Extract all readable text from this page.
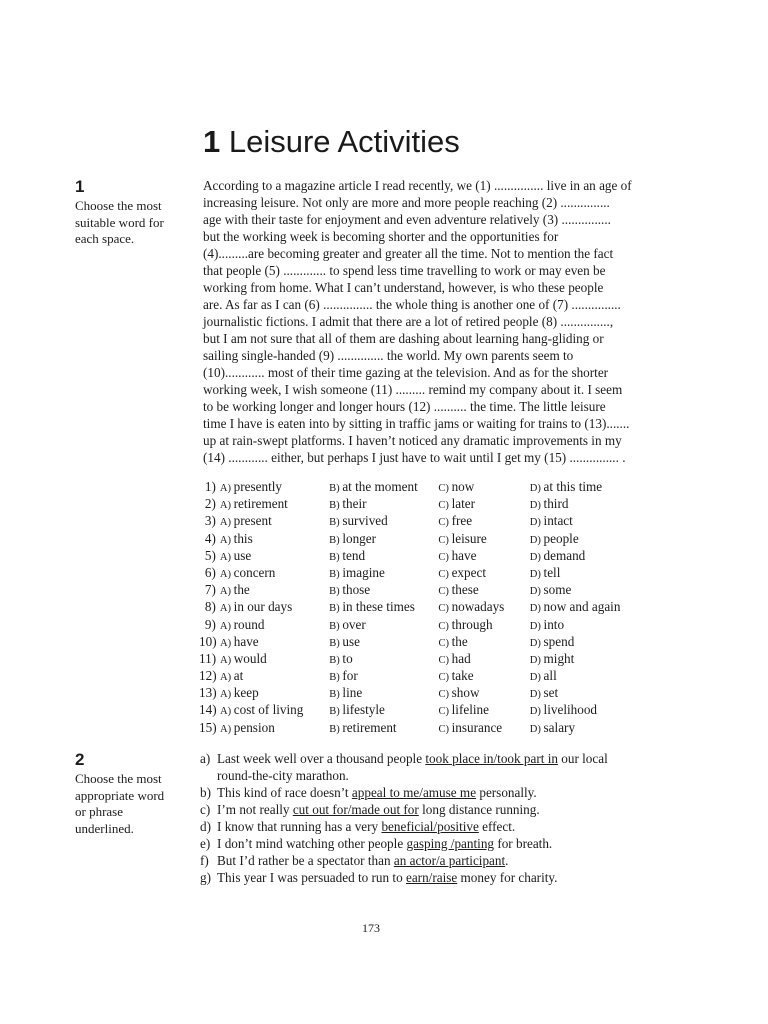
1 Leisure Activities
1
Choose the most
suitable word for
each space.
According to a magazine article I read recently, we (1) ............... live in an age of
increasing leisure. Not only are more and more people reaching (2) ...............
age with their taste for enjoyment and even adventure relatively (3) ...............
but the working week is becoming shorter and the opportunities for
(4).........are becoming greater and greater all the time. Not to mention the fact
that people (5) ............. to spend less time travelling to work or may even be
working from home. What I can’t understand, however, is who these people
are. As far as I can (6) ............... the whole thing is another one of (7) ...............
journalistic fictions. I admit that there are a lot of retired people (8) ...............,
but I am not sure that all of them are dashing about learning hang-gliding or
sailing single-handed (9) .............. the world. My own parents seem to
(10)............ most of their time gazing at the television. And as for the shorter
working week, I wish someone (11) ......... remind my company about it. I seem
to be working longer and longer hours (12) .......... the time. The little leisure
time I have is eaten into by sitting in traffic jams or waiting for trains to (13).......
up at rain-swept platforms. I haven’t noticed any dramatic improvements in my
(14) ............ either, but perhaps I just have to wait until I get my (15) ............... .
1) A) presently	B) at the moment	C) now	D) at this time
2) A) retirement	B) their	C) later	D) third
3) A) present	B) survived	C) free	D) intact
4) A) this	B) longer	C) leisure	D) people
5) A) use	B) tend	C) have	D) demand
6) A) concern	B) imagine	C) expect	D) tell
7) A) the	B) those	C) these	D) some
8) A) in our days	B) in these times	C) nowadays	D) now and again
9) A) round	B) over	C) through	D) into
10) A) have	B) use	C) the	D) spend
11) A) would	B) to	C) had	D) might
12) A) at	B) for	C) take	D) all
13) A) keep	B) line	C) show	D) set
14) A) cost of living	B) lifestyle	C) lifeline	D) livelihood
15) A) pension	B) retirement	C) insurance	D) salary
2
Choose the most
appropriate word
or phrase
underlined.
a) Last week well over a thousand people took place in/took part in our local
round-the-city marathon.
b) This kind of race doesn’t appeal to me/amuse me personally.
c) I’m not really cut out for/made out for long distance running.
d) I know that running has a very beneficial/positive effect.
e) I don’t mind watching other people gasping /panting for breath.
f) But I’d rather be a spectator than an actor/a participant.
g) This year I was persuaded to run to earn/raise money for charity.
173
